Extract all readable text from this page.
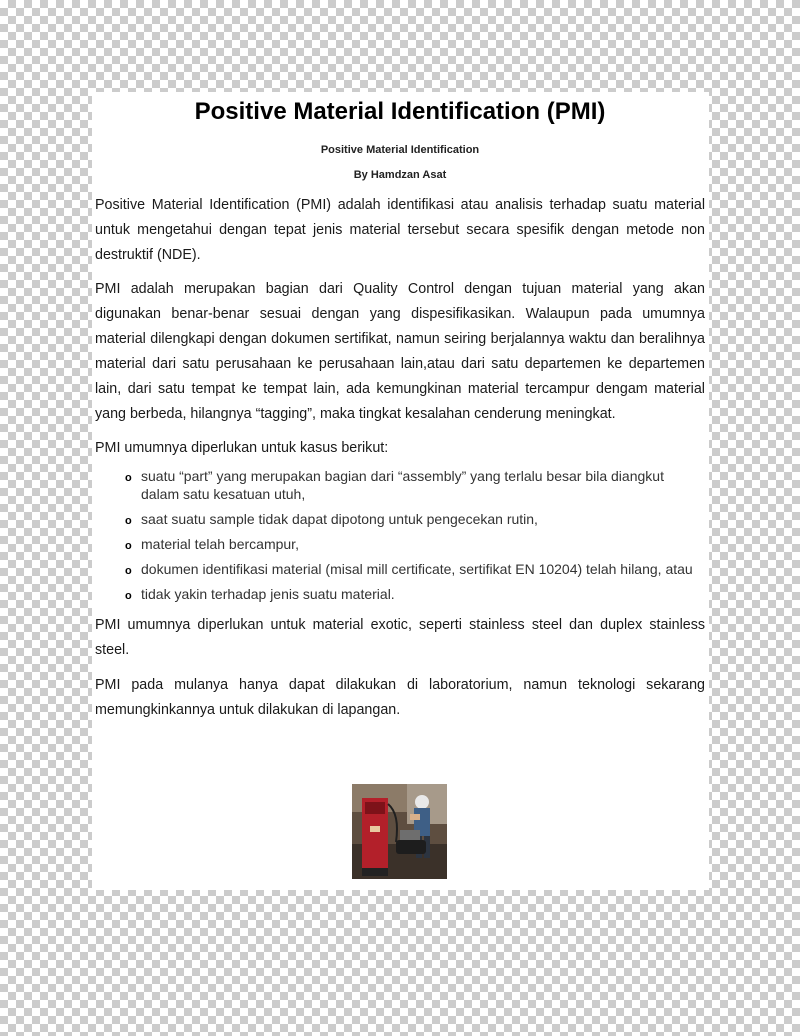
Positive Material Identification (PMI)
Positive Material Identification
By Hamdzan Asat

Positive Material Identification (PMI) adalah identifikasi atau analisis terhadap suatu material untuk mengetahui dengan tepat jenis material tersebut secara spesifik dengan metode non destruktif (NDE).

PMI adalah merupakan bagian dari Quality Control dengan tujuan material yang akan digunakan benar-benar sesuai dengan yang dispesifikasikan. Walaupun pada umumnya material dilengkapi dengan dokumen sertifikat, namun seiring berjalannya waktu dan beralihnya material dari satu perusahaan ke perusahaan lain,atau dari satu departemen ke departemen lain, dari satu tempat ke tempat lain, ada kemungkinan material tercampur dengam material yang berbeda, hilangnya “tagging”, maka tingkat kesalahan cenderung meningkat.

PMI umumnya diperlukan untuk kasus berikut:

o suatu “part” yang merupakan bagian dari “assembly” yang terlalu besar bila diangkut dalam satu kesatuan utuh,
o saat suatu sample tidak dapat dipotong untuk pengecekan rutin,
o material telah bercampur,
o dokumen identifikasi material (misal mill certificate, sertifikat EN 10204) telah hilang, atau
o tidak yakin terhadap jenis suatu material.

PMI umumnya diperlukan untuk material exotic, seperti stainless steel dan duplex stainless steel.

PMI pada mulanya hanya dapat dilakukan di laboratorium, namun teknologi sekarang memungkinkannya untuk dilakukan di lapangan.
